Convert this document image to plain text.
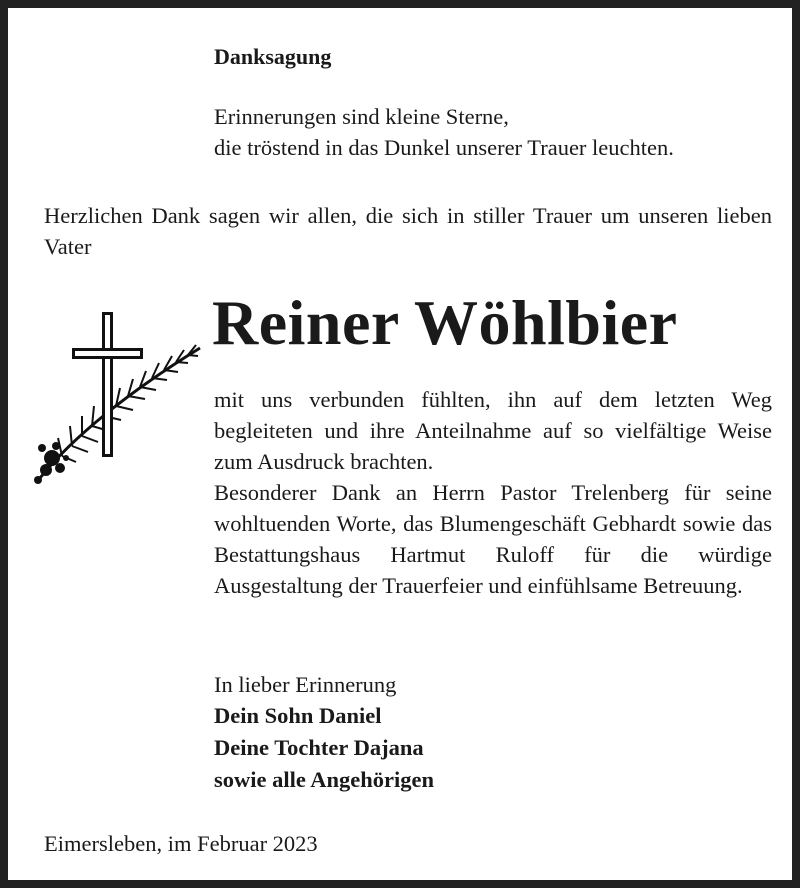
Danksagung
Erinnerungen sind kleine Sterne,
die tröstend in das Dunkel unserer Trauer leuchten.
Herzlichen Dank sagen wir allen, die sich in stiller Trauer um unseren lieben Vater
Reiner Wöhlbier

mit uns verbunden fühlten, ihn auf dem letzten Weg begleiteten und ihre Anteilnahme auf so vielfältige Weise zum Ausdruck brachten.

Besonderer Dank an Herrn Pastor Trelenberg für seine wohltuenden Worte, das Blumengeschäft Gebhardt sowie das Bestattungshaus Hartmut Ruloff für die würdige Ausgestaltung der Trauerfeier und einfühlsame Betreuung.

In lieber Erinnerung
Dein Sohn Daniel
Deine Tochter Dajana
sowie alle Angehörigen
Eimersleben, im Februar 2023
